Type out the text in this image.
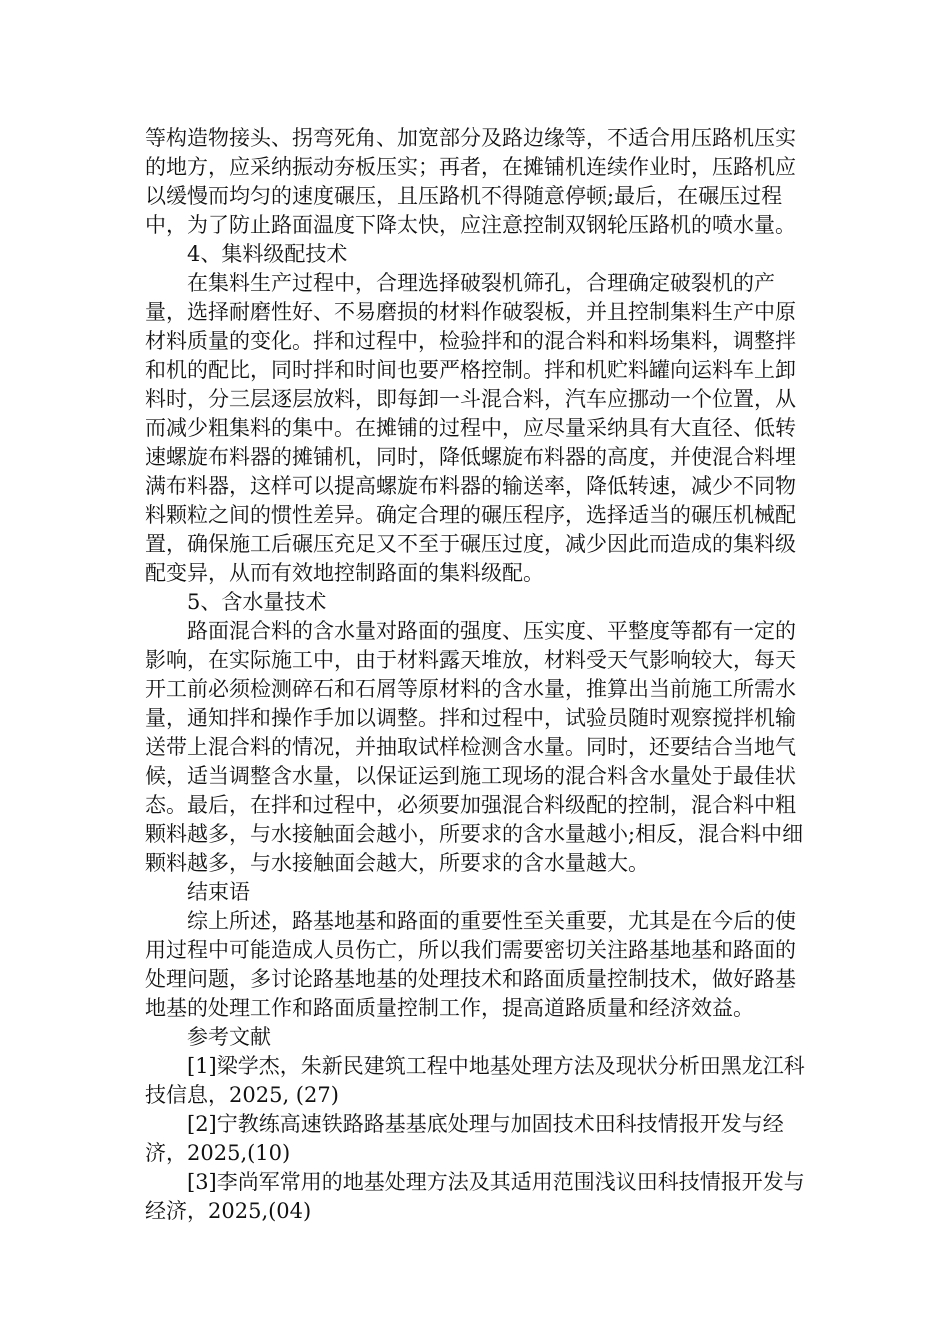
等构造物接头、拐弯死角、加宽部分及路边缘等，不适合用压路机压实的地方，应采纳振动夯板压实；再者，在摊铺机连续作业时，压路机应以缓慢而均匀的速度碾压，且压路机不得随意停顿;最后，在碾压过程中，为了防止路面温度下降太快，应注意控制双钢轮压路机的喷水量。

4、集料级配技术

在集料生产过程中，合理选择破裂机筛孔，合理确定破裂机的产量，选择耐磨性好、不易磨损的材料作破裂板，并且控制集料生产中原材料质量的变化。拌和过程中，检验拌和的混合料和料场集料，调整拌和机的配比，同时拌和时间也要严格控制。拌和机贮料罐向运料车上卸料时，分三层逐层放料，即每卸一斗混合料，汽车应挪动一个位置，从而减少粗集料的集中。在摊铺的过程中，应尽量采纳具有大直径、低转速螺旋布料器的摊铺机，同时，降低螺旋布料器的高度，并使混合料埋满布料器，这样可以提高螺旋布料器的输送率，降低转速，减少不同物料颗粒之间的惯性差异。确定合理的碾压程序，选择适当的碾压机械配置，确保施工后碾压充足又不至于碾压过度，减少因此而造成的集料级配变异，从而有效地控制路面的集料级配。

5、含水量技术

路面混合料的含水量对路面的强度、压实度、平整度等都有一定的影响，在实际施工中，由于材料露天堆放，材料受天气影响较大，每天开工前必须检测碎石和石屑等原材料的含水量，推算出当前施工所需水量，通知拌和操作手加以调整。拌和过程中，试验员随时观察搅拌机输送带上混合料的情况，并抽取试样检测含水量。同时，还要结合当地气候，适当调整含水量，以保证运到施工现场的混合料含水量处于最佳状态。最后，在拌和过程中，必须要加强混合料级配的控制，混合料中粗颗料越多，与水接触面会越小，所要求的含水量越小;相反，混合料中细颗料越多，与水接触面会越大，所要求的含水量越大。

结束语

综上所述，路基地基和路面的重要性至关重要，尤其是在今后的使用过程中可能造成人员伤亡，所以我们需要密切关注路基地基和路面的处理问题，多讨论路基地基的处理技术和路面质量控制技术，做好路基地基的处理工作和路面质量控制工作，提高道路质量和经济效益。

参考文献

[1]梁学杰，朱新民建筑工程中地基处理方法及现状分析田黑龙江科技信息，2025, (27)

[2]宁教练高速铁路路基基底处理与加固技术田科技情报开发与经济，2025,(10)

[3]李尚军常用的地基处理方法及其适用范围浅议田科技情报开发与经济，2025,(04)
